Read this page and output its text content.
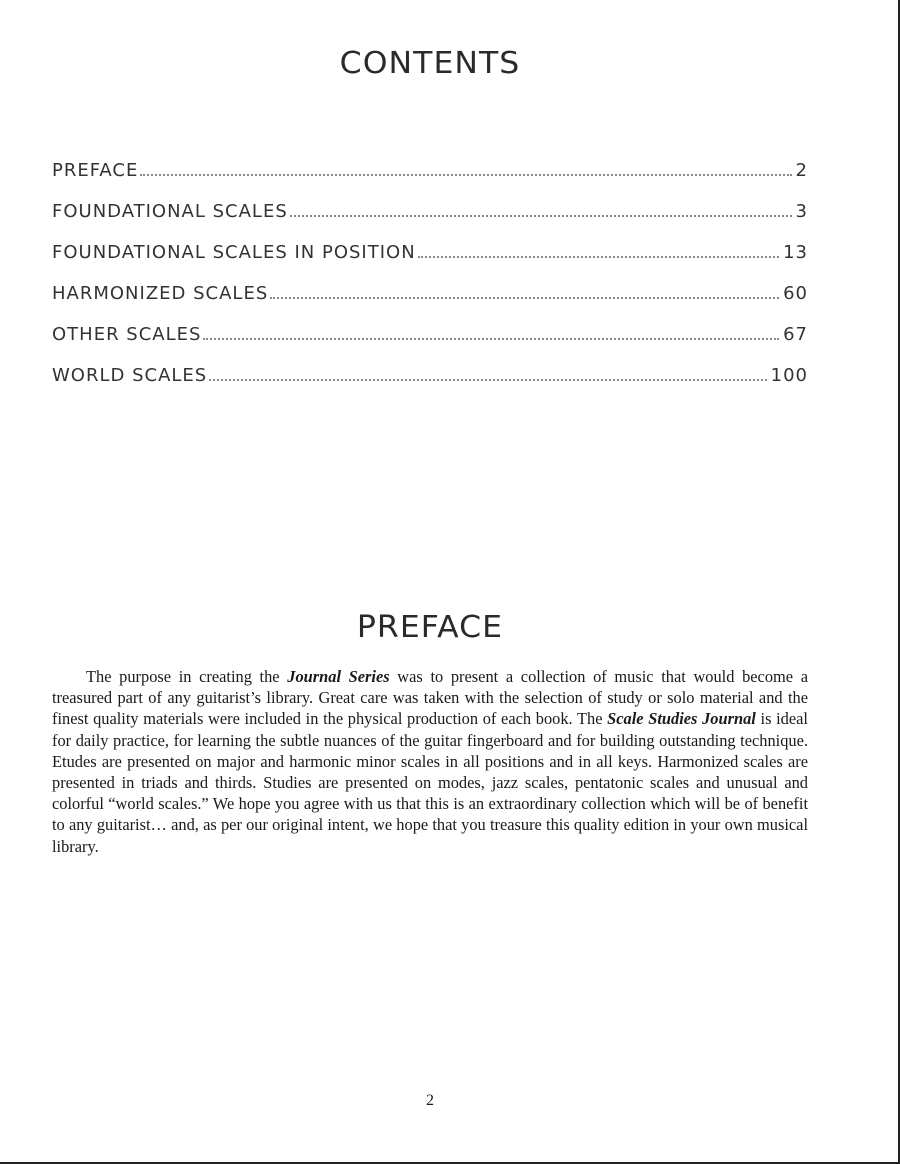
CONTENTS
PREFACE	2
FOUNDATIONAL SCALES	3
FOUNDATIONAL SCALES IN POSITION	13
HARMONIZED SCALES	60
OTHER SCALES	67
WORLD SCALES	100
PREFACE

The purpose in creating the Journal Series was to present a collection of music that would become a treasured part of any guitarist’s library. Great care was taken with the selection of study or solo material and the finest quality materials were included in the physical production of each book. The Scale Studies Journal is ideal for daily practice, for learning the subtle nuances of the guitar fingerboard and for building outstanding technique. Etudes are presented on major and harmonic minor scales in all positions and in all keys. Harmonized scales are presented in triads and thirds. Studies are presented on modes, jazz scales, pentatonic scales and unusual and colorful “world scales.” We hope you agree with us that this is an extraordinary collection which will be of benefit to any guitarist… and, as per our original intent, we hope that you treasure this quality edition in your own musical library.

2
